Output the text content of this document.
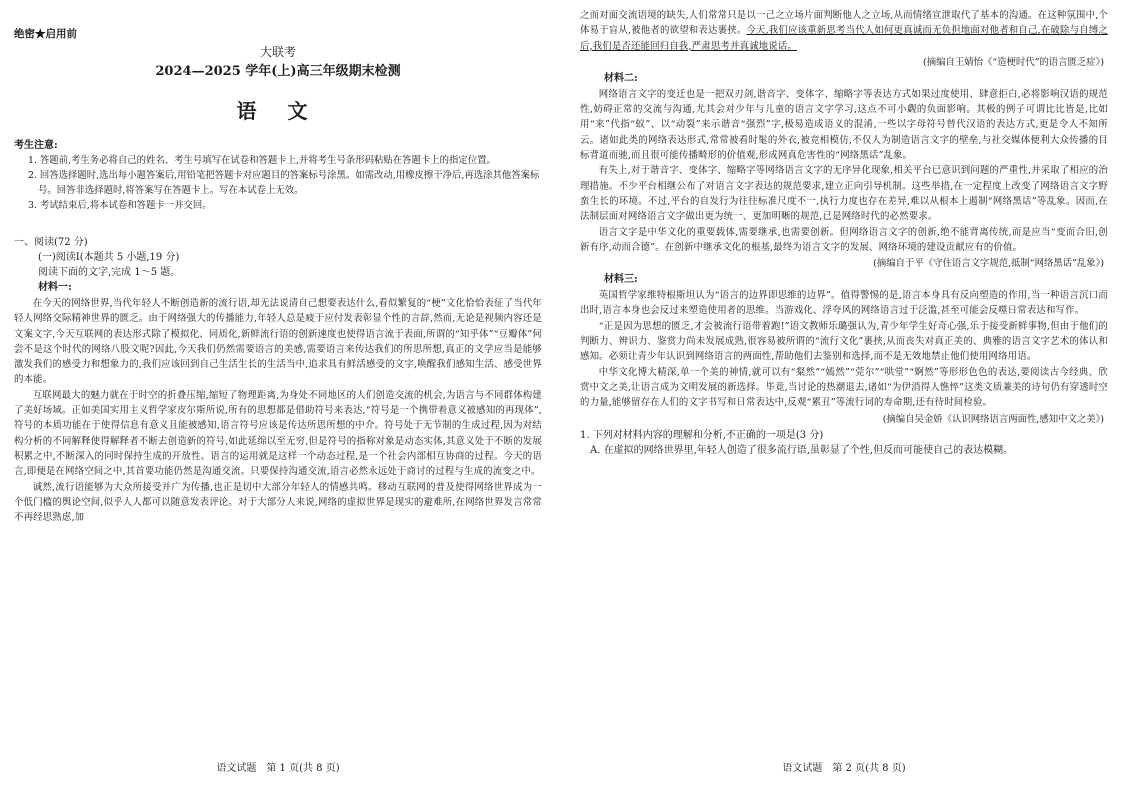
绝密★启用前

大联考

2024—2025 学年(上)高三年级期末检测

语 文

考生注意:

1. 答题前,考生务必将自己的姓名、考生号填写在试卷和答题卡上,并将考生号条形码粘贴在答题卡上的指定位置。

2. 回答选择题时,选出每小题答案后,用铅笔把答题卡对应题目的答案标号涂黑。如需改动,用橡皮擦干净后,再选涂其他答案标号。回答非选择题时,将答案写在答题卡上。写在本试卷上无效。

3. 考试结束后,将本试卷和答题卡一并交回。

一、阅读(72 分)

(一)阅读Ⅰ(本题共 5 小题,19 分)

阅读下面的文字,完成 1～5 题。

材料一:

在今天的网络世界,当代年轻人不断创造新的流行语,却无法说清自己想要表达什么,看似繁复的“梗”文化恰恰表征了当代年轻人网络交际精神世界的匮乏。由于网络强大的传播能力,年轻人总是疲于应付发表彰显个性的言辞,然而,无论是视频内容还是文案文字,今天互联网的表达形式除了模拟化、同质化,新鲜流行语的创新速度也使得语言流于表面,所谓的“知乎体”“豆瓣体”何尝不是这个时代的网络八股文呢?因此,今天我们仍然需要语言的美感,需要语言来传达我们的所思所想,真正的文学应当是能够激发我们的感受力和想象力的,我们应该回到自己生活生长的生活当中,追求具有鲜活感受的文字,唤醒我们感知生活、感受世界的本能。

互联网最大的魅力就在于时空的折叠压缩,缩短了物理距离,为身处不同地区的人们创造交流的机会,为语言与不同群体构建了美好场域。正如美国实用主义哲学家皮尔斯所说,所有的思想都是借助符号来表达,“符号是一个携带着意义被感知的再现体”,符号的本质功能在于使得信息有意义且能被感知,语言符号应该是传达所思所想的中介。符号处于无节制的生成过程,因为对结构分析的不同解释使得解释者不断去创造新的符号,如此延绵以至无穷,但是符号的指称对象是动态实体,其意义处于不断的发展积累之中,不断深入的同时保持生成的开放性。语言的运用就是这样一个动态过程,是一个社会内部相互协商的过程。今天的语言,即便是在网络空间之中,其首要功能仍然是沟通交流。只要保持沟通交流,语言必然永远处于商讨的过程与生成的流变之中。

诚然,流行语能够为大众所接受并广为传播,也正是切中大部分年轻人的情感共鸣。移动互联网的普及使得网络世界成为一个低门槛的舆论空间,似乎人人都可以随意发表评论。对于大部分人来说,网络的虚拟世界是现实的避难所,在网络世界发言常常不再经思熟虑,加

语文试题　第 1 页(共 8 页)

之而对面交流语境的缺失,人们常常只是以一己之立场片面判断他人之立场,从而情绪宣泄取代了基本的沟通。在这种氛围中,个体易于盲从,被他者的欲望和表达裹挟。今天,我们应该重新思考当代人如何更真诚而无负担地面对他者和自己,在破除与自缚之后,我们是否还能回归自我,严肃思考并真诚地说话。

(摘编自王婧怡《“造梗时代”的语言匮乏症》)

材料二:

网络语言文字的变迁也是一把双刃剑,谐音字、变体字、缩略字等表达方式如果过度使用、肆意拒白,必将影响汉语的规范性,妨碍正常的交流与沟通,尤其会对少年与儿童的语言文字学习,这点不可小觑的负面影响。其极的例子可谓比比皆是,比如用“来”代指“蚁”、以“动裂”来示谐音“强烈”字,极易造成语义的混淆,一些以字母符号替代汉语的表达方式,更是令人不知所云。诸如此类的网络表达形式,常常被看时髦的外衣,被竞相模仿,不仅人为制造语言文字的壁垒,与社交媒体便利大众传播的目标背道而驰,而且很可能传播畸形的价值观,形成网真危害性的“网络黑话”乱象。

有失上,对于谐音字、变体字、缩略字等网络语言文字的无序异化现象,相关平台已意识到问题的严重性,并采取了相应的治理措施。不少平台相继公布了对语言文字表达的规范要求,建立正向引导机制。这些举措,在一定程度上改变了网络语言文字野蛮生长的环境。不过,平台的自发行为往往标准尺度不一,执行力度也存在差异,难以从根本上遏制“网络黑话”等乱象。因而,在法制层面对网络语言文字做出更为统一、更加明晰的规范,已是网络时代的必然要求。

语言文字是中华文化的重要载体,需要继承,也需要创新。但网络语言文字的创新,绝不能背离传统,而是应当“变而合旧,创新有序,动而合德”。在创新中继承文化的根基,最终为语言文字的发展、网络环境的建设贡献应有的价值。

(摘编自于平《守住语言文字规范,抵制“网络黑话”乱象》)

材料三:

英国哲学家维特根斯坦认为“语言的边界即思维的边界”。值得警惕的是,语言本身具有反向塑造的作用,当一种语言沉口而出时,语言本身也会反过来塑造使用者的思维。当游戏化、浮夸风的网络语言过于泛滥,甚至可能会反噬日常表达和写作。

“正是因为思想的匮乏,才会被流行语带着跑!”语文教师乐璐强认为,青少年学生好奇心强,乐于接受新鲜事物,但由于他们的判断力、辨识力、鉴赏力尚未发展成熟,很容易被所谓的“流行文化”裹挟,从而丧失对真正美的、典雅的语言文字艺术的体认和感知。必须让青少年认识到网络语言的两面性,帮助他们去鉴别和选择,而不是无效地禁止他们使用网络用语。

中华文化博大精深,单一个美的神情,就可以有“粲然”“嫣然”“莞尔”“哄堂”“婀然”等形形色色的表达,要阅读古今经典、欣赏中文之美,让语言成为文明发展的新选择。毕竟,当讨论的热潮退去,诸如“为伊消得人憔悴”这类文质兼美的诗句仍有穿透时空的力量,能够留存在人们的文字书写和日常表达中,反观“累丑”等流行词的寿命期,还有待时间检验。

(摘编自吴金娇《认识网络语言两面性,感知中文之美》)

1. 下列对材料内容的理解和分析,不正确的一项是(3 分)

A. 在虚拟的网络世界里,年轻人创造了很多流行语,虽彰显了个性,但反而可能使自己的表达模糊。

语文试题　第 2 页(共 8 页)
